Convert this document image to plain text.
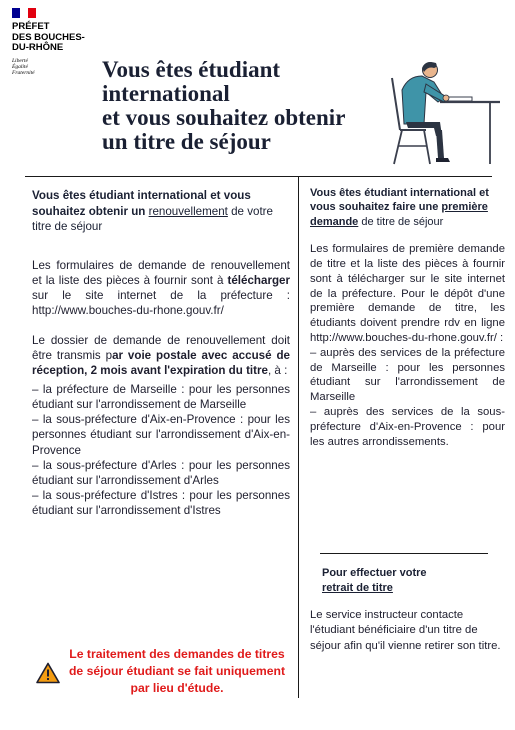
PRÉFET
DES BOUCHES-
DU-RHÔNE
Liberté
Égalité
Fraternité	Vous êtes étudiant
international
et vous souhaitez obtenir
un titre de séjour
Vous êtes étudiant international et vous souhaitez obtenir un renouvellement de votre titre de séjour

Les formulaires de demande de renouvellement et la liste des pièces à fournir sont à télécharger sur le site internet de la préfecture : http://www.bouches-du-rhone.gouv.fr/

Le dossier de demande de renouvellement doit être transmis par voie postale avec accusé de réception, 2 mois avant l'expiration du titre, à :

– la préfecture de Marseille : pour les personnes étudiant sur l'arrondissement de Marseille

– la sous-préfecture d'Aix-en-Provence : pour les personnes étudiant sur l'arrondissement d'Aix-en-Provence

– la sous-préfecture d'Arles : pour les personnes étudiant sur l'arrondissement d'Arles

– la sous-préfecture d'Istres : pour les personnes étudiant sur l'arrondissement d'Istres

Le traitement des demandes de titres de séjour étudiant se fait uniquement par lieu d'étude.
Vous êtes étudiant international et vous souhaitez faire une première demande de titre de séjour

Les formulaires de première demande de titre et la liste des pièces à fournir sont à télécharger sur le site internet de la préfecture. Pour le dépôt d'une première demande de titre, les étudiants doivent prendre rdv en ligne http://www.bouches-du-rhone.gouv.fr/ :

– auprès des services de la préfecture de Marseille : pour les personnes étudiant sur l'arrondissement de Marseille

– auprès des services de la sous-préfecture d'Aix-en-Provence : pour les autres arrondissements.

Pour effectuer votre
retrait de titre

Le service instructeur contacte l'étudiant bénéficiaire d'un titre de séjour afin qu'il vienne retirer son titre.
